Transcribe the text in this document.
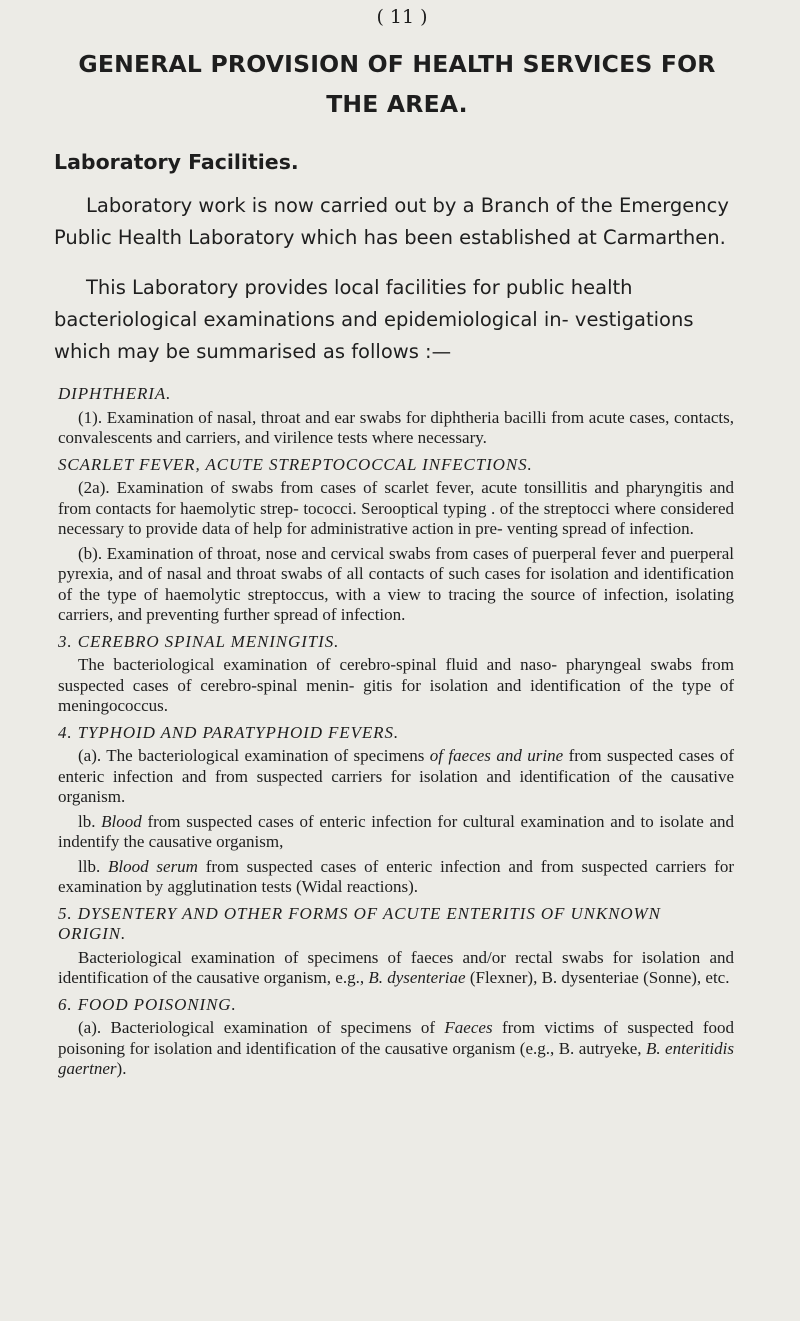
( 11 )
GENERAL PROVISION OF HEALTH SERVICES FOR
THE AREA.
Laboratory Facilities.

Laboratory work is now carried out by a Branch of the Emergency Public Health Laboratory which has been established at Carmarthen.

This Laboratory provides local facilities for public health bacteriological examinations and epidemiological in- vestigations which may be summarised as follows :—

DIPHTHERIA.

(1). Examination of nasal, throat and ear swabs for diphtheria bacilli from acute cases, contacts, convalescents and carriers, and virilence tests where necessary.

SCARLET FEVER, ACUTE STREPTOCOCCAL INFECTIONS.

(2a). Examination of swabs from cases of scarlet fever, acute tonsillitis and pharyngitis and from contacts for haemolytic strep- tococci. Serooptical typing . of the streptocci where considered necessary to provide data of help for administrative action in pre- venting spread of infection.

(b). Examination of throat, nose and cervical swabs from cases of puerperal fever and puerperal pyrexia, and of nasal and throat swabs of all contacts of such cases for isolation and identification of the type of haemolytic streptoccus, with a view to tracing the source of infection, isolating carriers, and preventing further spread of infection.

3. CEREBRO SPINAL MENINGITIS.

The bacteriological examination of cerebro-spinal fluid and naso- pharyngeal swabs from suspected cases of cerebro-spinal menin- gitis for isolation and identification of the type of meningococcus.

4. TYPHOID AND PARATYPHOID FEVERS.

(a). The bacteriological examination of specimens of faeces and urine from suspected cases of enteric infection and from suspected carriers for isolation and identification of the causative organism.

lb. Blood from suspected cases of enteric infection for cultural examination and to isolate and indentify the causative organism,

llb. Blood serum from suspected cases of enteric infection and from suspected carriers for examination by agglutination tests (Widal reactions).

5. DYSENTERY AND OTHER FORMS OF ACUTE ENTERITIS OF UNKNOWN ORIGIN.

Bacteriological examination of specimens of faeces and/or rectal swabs for isolation and identification of the causative organism, e.g., B. dysenteriae (Flexner), B. dysenteriae (Sonne), etc.

6. FOOD POISONING.

(a). Bacteriological examination of specimens of Faeces from victims of suspected food poisoning for isolation and identification of the causative organism (e.g., B. autryeke, B. enteritidis gaertner).
